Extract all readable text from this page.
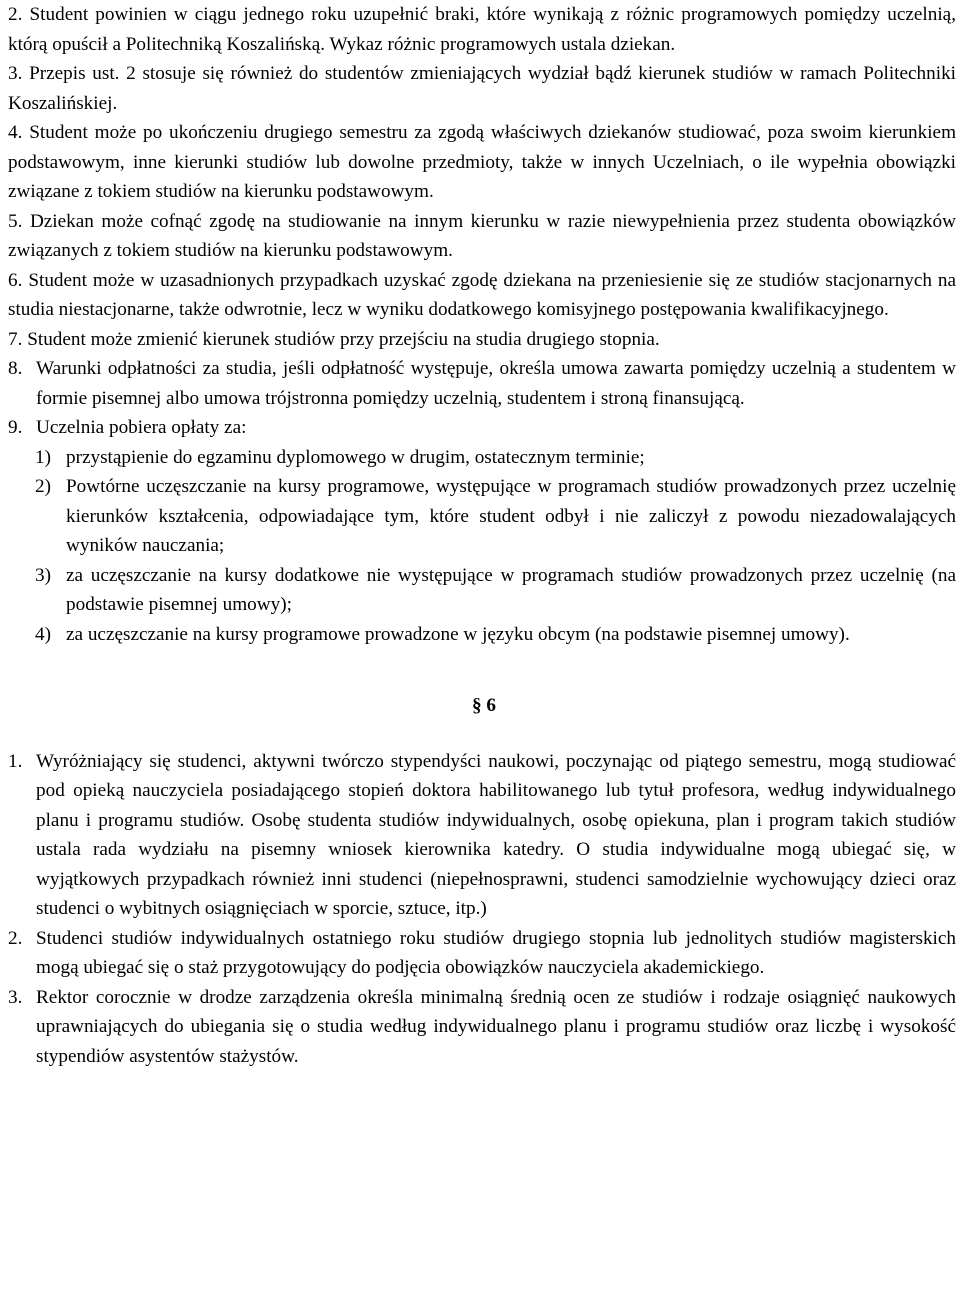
2. Student powinien w ciągu jednego roku uzupełnić braki, które wynikają z różnic programowych pomiędzy uczelnią, którą opuścił a Politechniką Koszalińską. Wykaz różnic programowych ustala dziekan.
3. Przepis ust. 2 stosuje się również do studentów zmieniających wydział bądź kierunek studiów w ramach Politechniki Koszalińskiej.
4. Student może po ukończeniu drugiego semestru za zgodą właściwych dziekanów studiować, poza swoim kierunkiem podstawowym, inne kierunki studiów lub dowolne przedmioty, także w innych Uczelniach, o ile wypełnia obowiązki związane z tokiem studiów na kierunku podstawowym.
5. Dziekan może cofnąć zgodę na studiowanie na innym kierunku w razie niewypełnienia przez studenta obowiązków związanych z tokiem studiów na kierunku podstawowym.
6. Student może w uzasadnionych przypadkach uzyskać zgodę dziekana na przeniesienie się ze studiów stacjonarnych na studia niestacjonarne, także odwrotnie, lecz w wyniku dodatkowego komisyjnego postępowania kwalifikacyjnego.
7. Student może zmienić kierunek studiów przy przejściu na studia drugiego stopnia.
8. Warunki odpłatności za studia, jeśli odpłatność występuje, określa umowa zawarta pomiędzy uczelnią a studentem w formie pisemnej albo umowa trójstronna pomiędzy uczelnią, studentem i stroną finansującą.
9. Uczelnia pobiera opłaty za:
1) przystąpienie do egzaminu dyplomowego w drugim, ostatecznym terminie;
2) Powtórne uczęszczanie na kursy programowe, występujące w programach studiów prowadzonych przez uczelnię kierunków kształcenia, odpowiadające tym, które student odbył i nie zaliczył z powodu niezadowalających wyników nauczania;
3) za uczęszczanie na kursy dodatkowe nie występujące w programach studiów prowadzonych przez uczelnię (na podstawie pisemnej umowy);
4) za uczęszczanie na kursy programowe prowadzone w języku obcym (na podstawie pisemnej umowy).
§ 6
1. Wyróżniający się studenci, aktywni twórczo stypendyści naukowi, poczynając od piątego semestru, mogą studiować pod opieką nauczyciela posiadającego stopień doktora habilitowanego lub tytuł profesora, według indywidualnego planu i programu studiów. Osobę studenta studiów indywidualnych, osobę opiekuna, plan i program takich studiów ustala rada wydziału na pisemny wniosek kierownika katedry. O studia indywidualne mogą ubiegać się, w wyjątkowych przypadkach również inni studenci (niepełnosprawni, studenci samodzielnie wychowujący dzieci oraz studenci o wybitnych osiągnięciach w sporcie, sztuce, itp.)
2. Studenci studiów indywidualnych ostatniego roku studiów drugiego stopnia lub jednolitych studiów magisterskich mogą ubiegać się o staż przygotowujący do podjęcia obowiązków nauczyciela akademickiego.
3. Rektor corocznie w drodze zarządzenia określa minimalną średnią ocen ze studiów i rodzaje osiągnięć naukowych uprawniających do ubiegania się o studia według indywidualnego planu i programu studiów oraz liczbę i wysokość stypendiów asystentów stażystów.
